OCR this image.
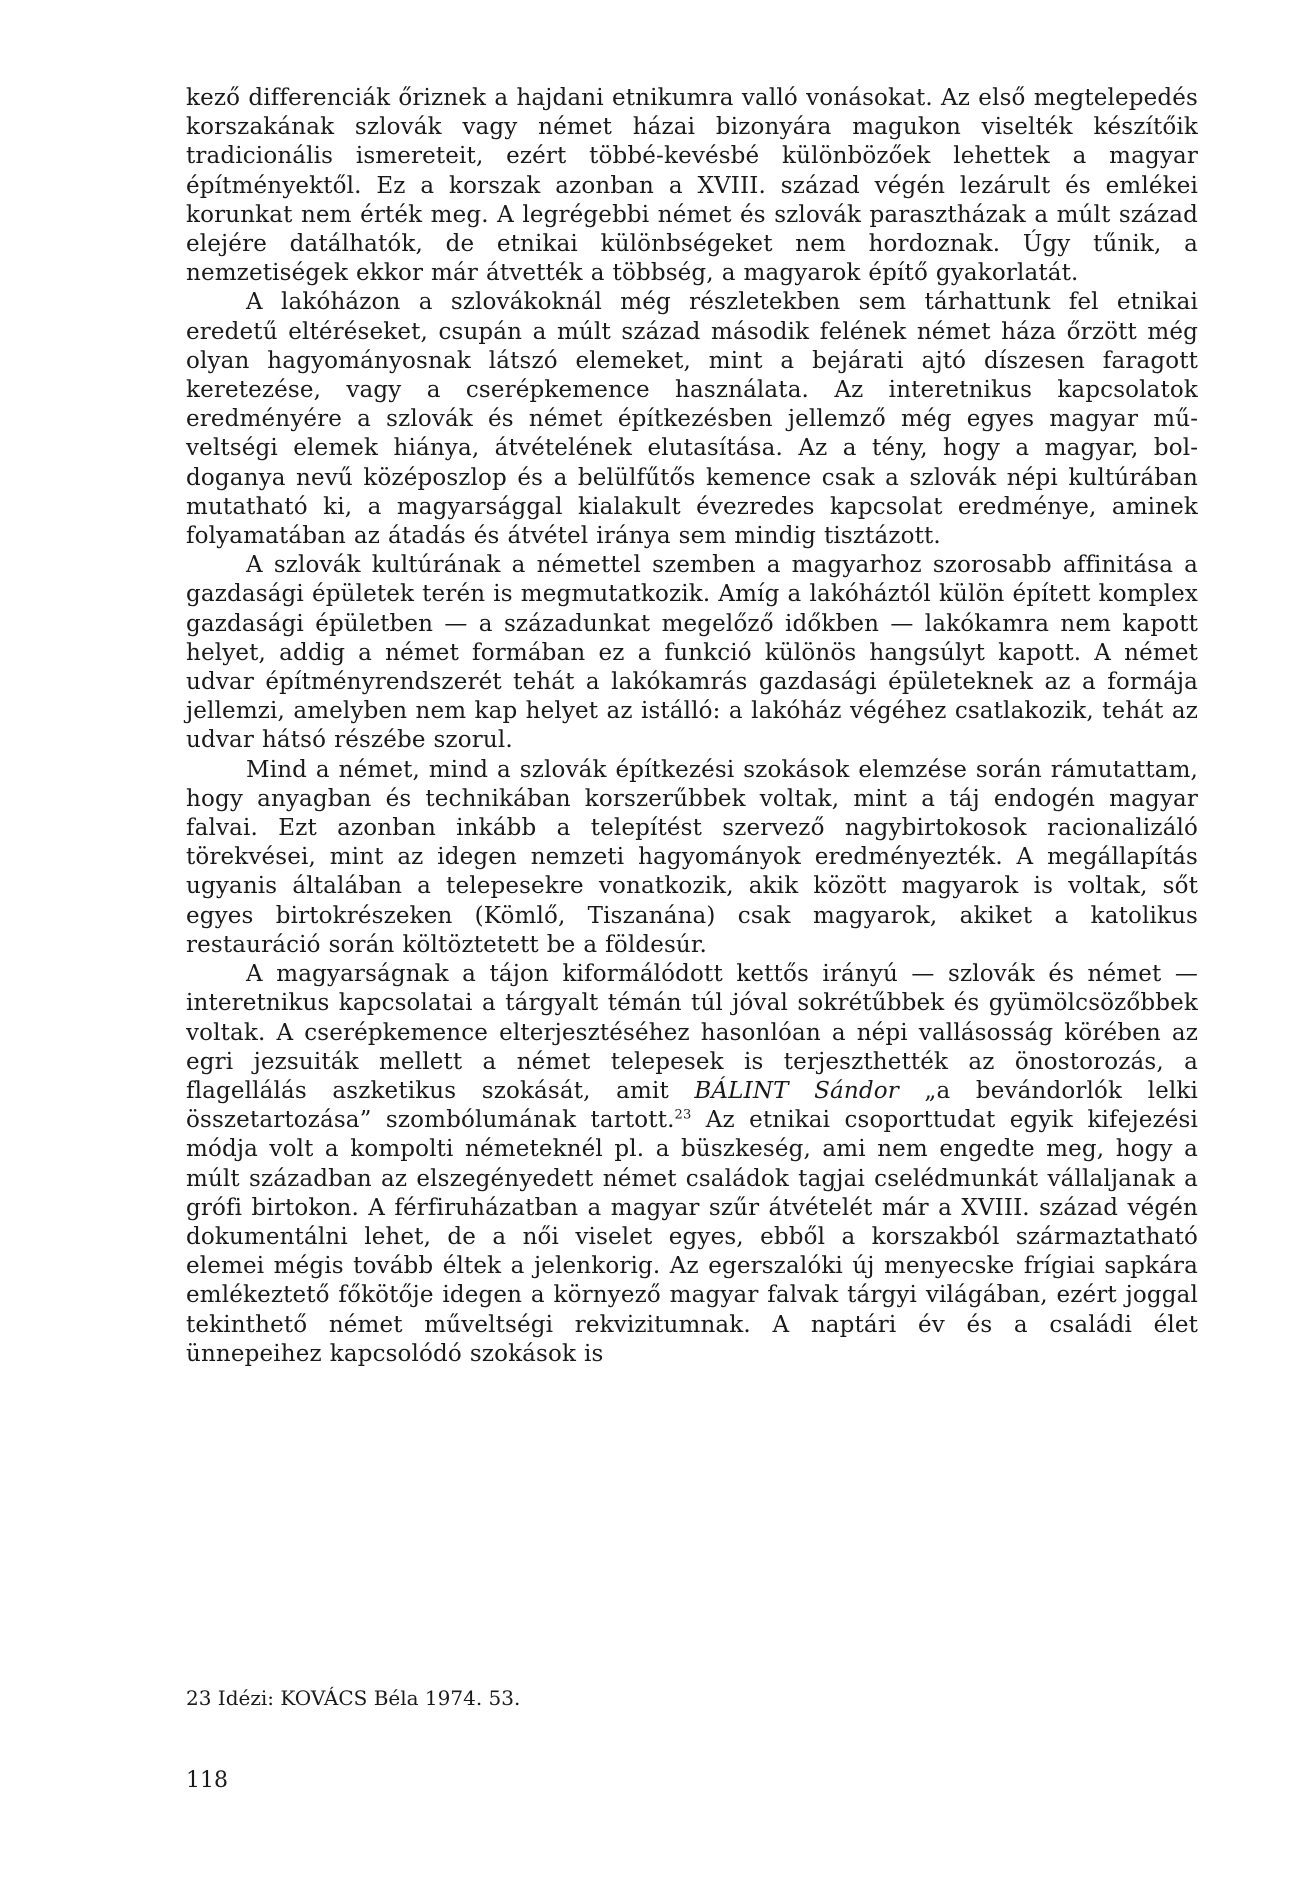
kező differenciák őriznek a hajdani etnikumra valló vonásokat. Az első megtelepedés korszakának szlovák vagy német házai bizonyára magukon viselték készítőik tradicionális ismereteit, ezért többé-kevésbé különbözőek lehettek a magyar építményektől. Ez a korszak azonban a XVIII. század végén lezárult és emlékei korunkat nem érték meg. A legrégebbi német és szlovák parasztházak a múlt század elejére datálhatók, de etnikai különbségeket nem hordoznak. Úgy tűnik, a nemzetiségek ekkor már átvették a többség, a magyarok építő gyakorlatát.

A lakóházon a szlovákoknál még részletekben sem tárhattunk fel etnikai eredetű eltéréseket, csupán a múlt század második felének német háza őrzött még olyan hagyományosnak látszó elemeket, mint a bejárati ajtó díszesen faragott keretezése, vagy a cserépkemence használata. Az interetnikus kapcsolatok eredményére a szlovák és német építkezésben jellemző még egyes magyar műveltségi elemek hiánya, átvételének elutasítása. Az a tény, hogy a magyar, boldoganya nevű középoszlop és a belülfűtős kemence csak a szlovák népi kultúrában mutatható ki, a magyarsággal kialakult évezredes kapcsolat eredménye, aminek folyamatában az átadás és átvétel iránya sem mindig tisztázott.

A szlovák kultúrának a némettel szemben a magyarhoz szorosabb affinitása a gazdasági épületek terén is megmutatkozik. Amíg a lakóháztól külön épített komplex gazdasági épületben — a századunkat megelőző időkben — lakókamra nem kapott helyet, addig a német formában ez a funkció különös hangsúlyt kapott. A német udvar építményrendszerét tehát a lakókamrás gazdasági épületeknek az a formája jellemzi, amelyben nem kap helyet az istálló: a lakóház végéhez csatlakozik, tehát az udvar hátsó részébe szorul.

Mind a német, mind a szlovák építkezési szokások elemzése során rámutattam, hogy anyagban és technikában korszerűbbek voltak, mint a táj endogén magyar falvai. Ezt azonban inkább a telepítést szervező nagybirtokosok racionalizáló törekvései, mint az idegen nemzeti hagyományok eredményezték. A megállapítás ugyanis általában a telepesekre vonatkozik, akik között magyarok is voltak, sőt egyes birtokrészeken (Kömlő, Tiszanána) csak magyarok, akiket a katolikus restauráció során költöztetett be a földesúr.

A magyarságnak a tájon kiformálódott kettős irányú — szlovák és német — interetnikus kapcsolatai a tárgyalt témán túl jóval sokrétűbbek és gyümölcsözőbbek voltak. A cserépkemence elterjesztéséhez hasonlóan a népi vallásosság körében az egri jezsuiták mellett a német telepesek is terjeszthették az önostorozás, a flagellálás aszketikus szokását, amit BÁLINT Sándor „a bevándorlók lelki összetartozása” szombólumának tartott.$^{23}$ Az etnikai csoporttudat egyik kifejezési módja volt a kompolti németeknél pl. a büszkeség, ami nem engedte meg, hogy a múlt században az elszegényedett német családok tagjai cselédmunkát vállaljanak a grófi birtokon. A férfiruházatban a magyar szűr átvételét már a XVIII. század végén dokumentálni lehet, de a női viselet egyes, ebből a korszakból származtatható elemei mégis tovább éltek a jelenkorig. Az egerszalóki új menyecske frígiai sapkára emlékeztető főkötője idegen a környező magyar falvak tárgyi világában, ezért joggal tekinthető német műveltségi rekvizitumnak. A naptári év és a családi élet ünnepeihez kapcsolódó szokások is

23 Idézi: KOVÁCS Béla 1974. 53.
118
